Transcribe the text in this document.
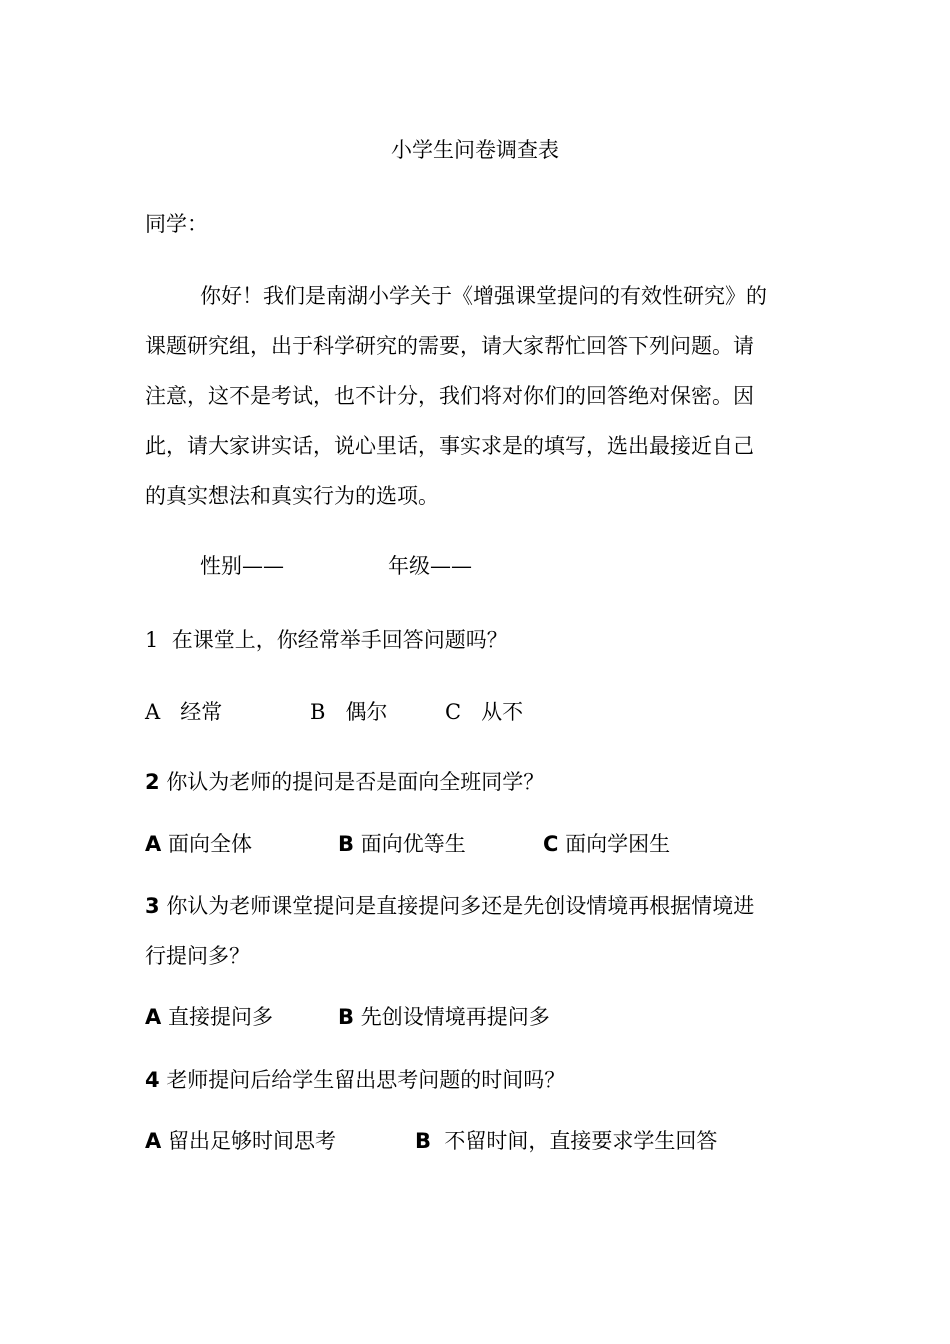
小学生问卷调查表
同学：
你好！我们是南湖小学关于《增强课堂提问的有效性研究》的
课题研究组，出于科学研究的需要，请大家帮忙回答下列问题。请
注意，这不是考试，也不计分，我们将对你们的回答绝对保密。因
此，请大家讲实话，说心里话，事实求是的填写，选出最接近自己
的真实想法和真实行为的选项。
性别——	年级——
1 在课堂上，你经常举手回答问题吗？
A 经常	B 偶尔	C 从不
2 你认为老师的提问是否是面向全班同学？
A 面向全体	B 面向优等生	C 面向学困生
3 你认为老师课堂提问是直接提问多还是先创设情境再根据情境进
行提问多？
A 直接提问多	B 先创设情境再提问多
4 老师提问后给学生留出思考问题的时间吗？
A 留出足够时间思考	B 不留时间，直接要求学生回答
